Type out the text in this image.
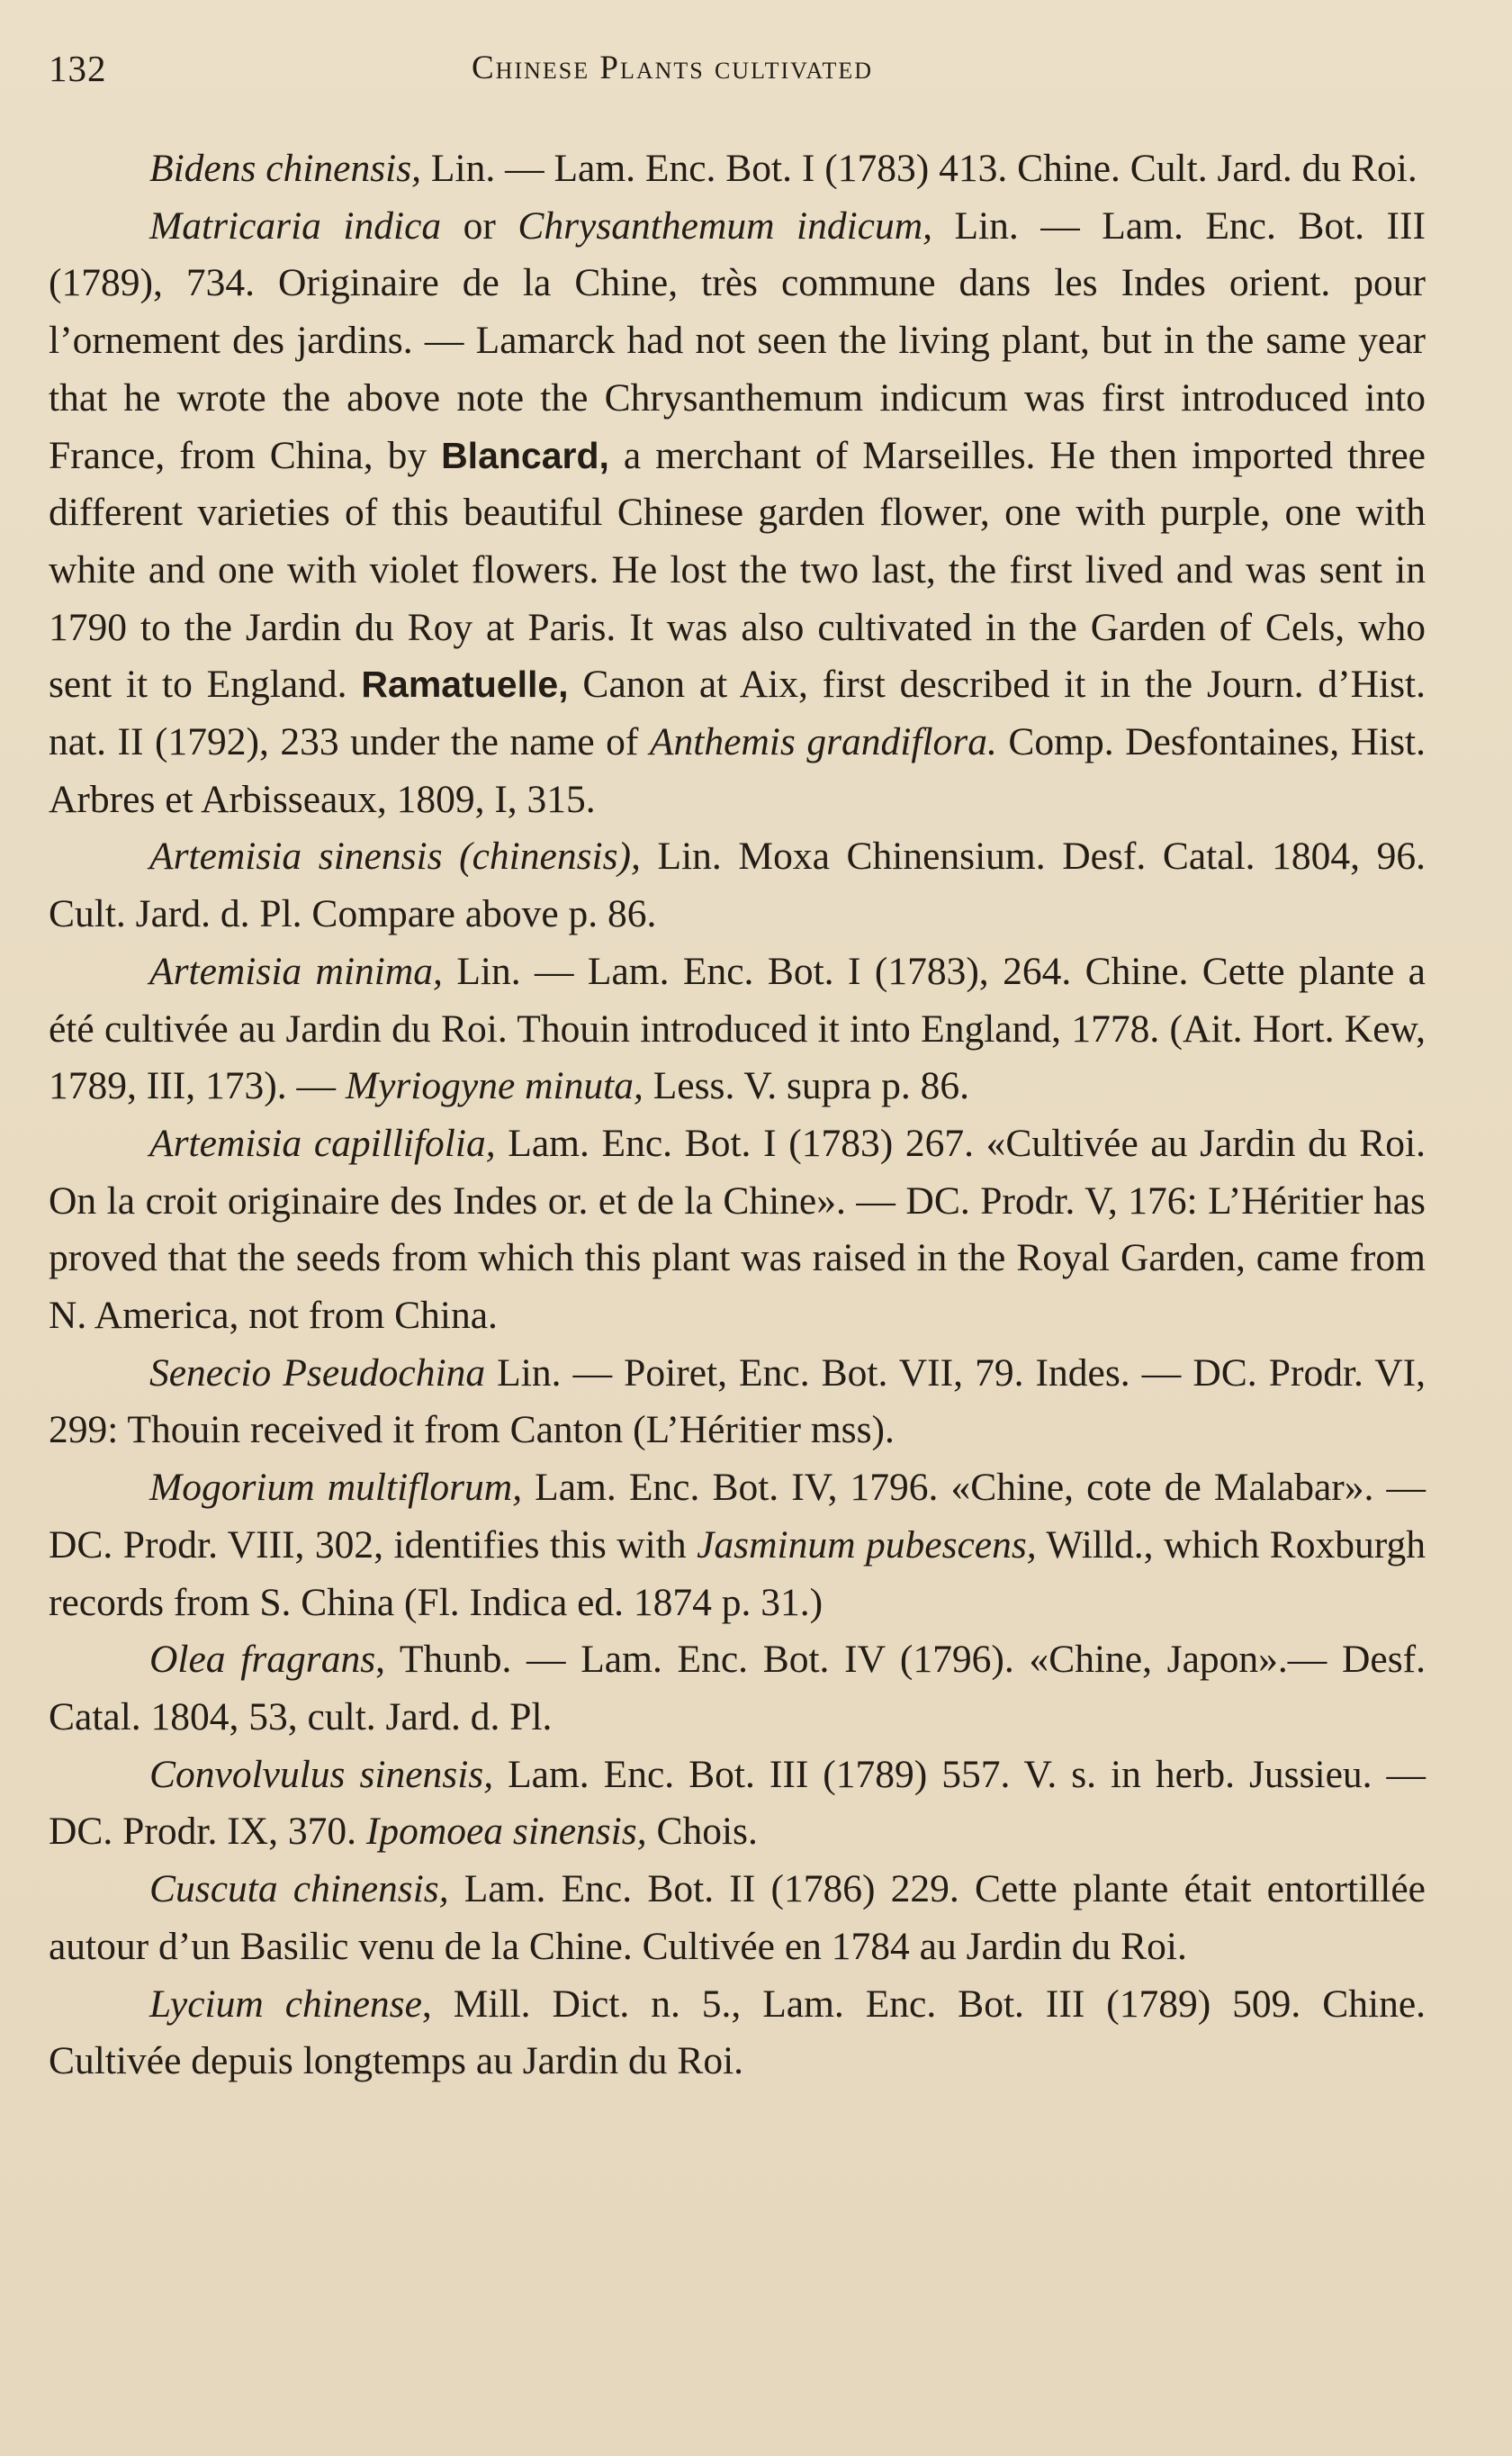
132	Chinese Plants cultivated

Bidens chinensis, Lin. — Lam. Enc. Bot. I (1783) 413. Chine. Cult. Jard. du Roi.

Matricaria indica or Chrysanthemum indicum, Lin. — Lam. Enc. Bot. III (1789), 734. Originaire de la Chine, très commune dans les Indes orient. pour l’ornement des jardins. — Lamarck had not seen the living plant, but in the same year that he wrote the above note the Chrysanthemum indicum was first introduced into France, from China, by Blancard, a merchant of Marseilles. He then imported three different varieties of this beautiful Chinese garden flower, one with purple, one with white and one with violet flowers. He lost the two last, the first lived and was sent in 1790 to the Jardin du Roy at Paris. It was also cultivated in the Garden of Cels, who sent it to England. Ramatuelle, Canon at Aix, first described it in the Journ. d’Hist. nat. II (1792), 233 under the name of Anthemis grandiflora. Comp. Desfontaines, Hist. Arbres et Arbisseaux, 1809, I, 315.

Artemisia sinensis (chinensis), Lin. Moxa Chinensium. Desf. Catal. 1804, 96. Cult. Jard. d. Pl. Compare above p. 86.

Artemisia minima, Lin. — Lam. Enc. Bot. I (1783), 264. Chine. Cette plante a été cultivée au Jardin du Roi. Thouin introduced it into England, 1778. (Ait. Hort. Kew, 1789, III, 173). — Myriogyne minuta, Less. V. supra p. 86.

Artemisia capillifolia, Lam. Enc. Bot. I (1783) 267. «Cultivée au Jardin du Roi. On la croit originaire des Indes or. et de la Chine». — DC. Prodr. V, 176: L’Héritier has proved that the seeds from which this plant was raised in the Royal Garden, came from N. America, not from China.

Senecio Pseudochina Lin. — Poiret, Enc. Bot. VII, 79. Indes. — DC. Prodr. VI, 299: Thouin received it from Canton (L’Héritier mss).

Mogorium multiflorum, Lam. Enc. Bot. IV, 1796. «Chine, cote de Malabar». — DC. Prodr. VIII, 302, identifies this with Jasminum pubescens, Willd., which Roxburgh records from S. China (Fl. Indica ed. 1874 p. 31.)

Olea fragrans, Thunb. — Lam. Enc. Bot. IV (1796). «Chine, Japon».— Desf. Catal. 1804, 53, cult. Jard. d. Pl.

Convolvulus sinensis, Lam. Enc. Bot. III (1789) 557. V. s. in herb. Jussieu. — DC. Prodr. IX, 370. Ipomoea sinensis, Chois.

Cuscuta chinensis, Lam. Enc. Bot. II (1786) 229. Cette plante était entortillée autour d’un Basilic venu de la Chine. Cultivée en 1784 au Jardin du Roi.

Lycium chinense, Mill. Dict. n. 5., Lam. Enc. Bot. III (1789) 509. Chine. Cultivée depuis longtemps au Jardin du Roi.
